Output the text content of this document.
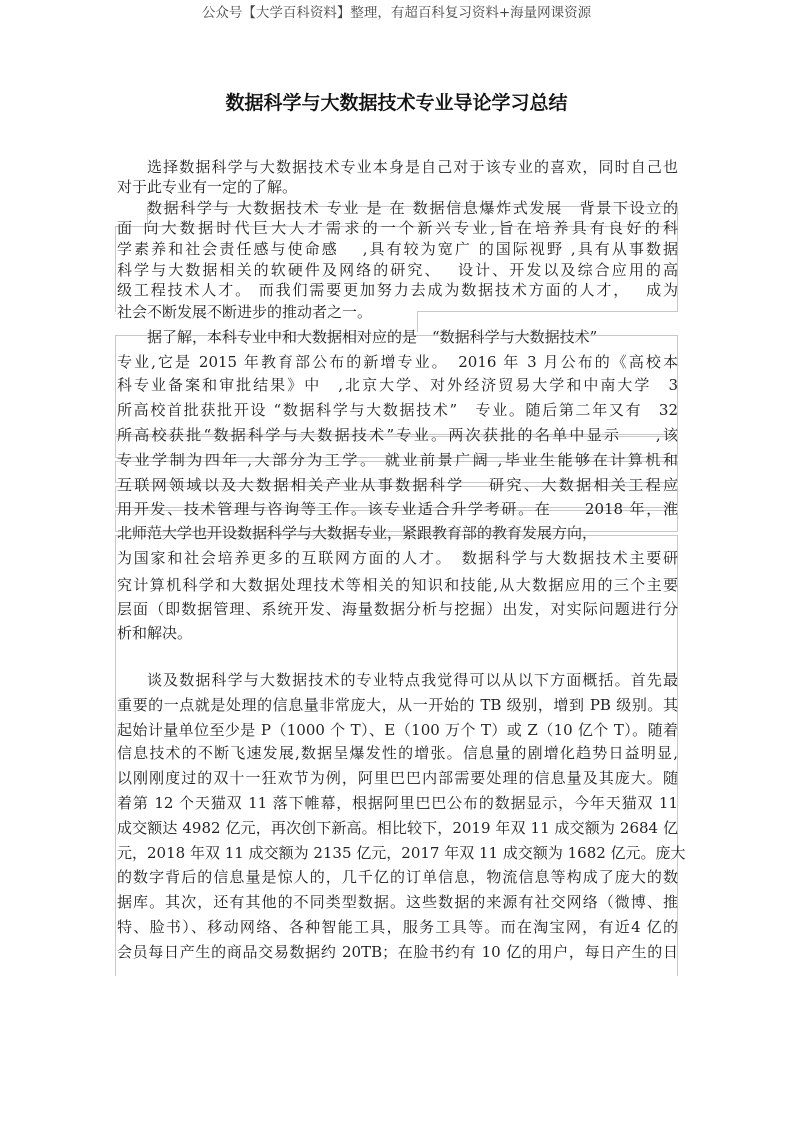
公众号【大学百科资料】整理，有超百科复习资料+海量网课资源
数据科学与大数据技术专业导论学习总结
选择数据科学与大数据技术专业本身是自己对于该专业的喜欢，同时自己也
对于此专业有一定的了解。
数据科学与 大数据技术 专业 是 在 数据信息爆炸式发展　背景下设立的
面 向大数据时代巨大人才需求的一个新兴专业,旨在培养具有良好的科
学素养和社会责任感与使命感　 ,具有较为宽广 的国际视野 ,具有从事数据
科学与大数据相关的软硬件及网络的研究、　 设计、开发以及综合应用的高
级工程技术人才。 而我们需要更加努力去成为数据技术方面的人才，　 成为
社会不断发展不断进步的推动者之一。
据了解，本科专业中和大数据相对应的是　“数据科学与大数据技术”
专业,它是 2015 年教育部公布的新增专业。　2016 年 3 月公布的《高校本
科专业备案和审批结果》中　,北京大学、对外经济贸易大学和中南大学　3
所高校首批获批开设 “数据科学与大数据技术”　专业。随后第二年又有　32
所高校获批“数据科学与大数据技术”专业。两次获批的名单中显示　　,该
专业学制为四年 ,大部分为工学。 就业前景广阔 ,毕业生能够在计算机和
互联网领域以及大数据相关产业从事数据科学　 研究、大数据相关工程应
用开发、技术管理与咨询等工作。该专业适合升学考研。在　　2018 年，淮
北师范大学也开设数据科学与大数据专业，紧跟教育部的教育发展方向，
为国家和社会培养更多的互联网方面的人才。　数据科学与大数据技术主要研
究计算机科学和大数据处理技术等相关的知识和技能,从大数据应用的三个主要
层面（即数据管理、系统开发、海量数据分析与挖掘）出发，对实际问题进行分
析和解决。
谈及数据科学与大数据技术的专业特点我觉得可以从以下方面概括。首先最
重要的一点就是处理的信息量非常庞大，从一开始的 TB 级别，增到 PB 级别。其
起始计量单位至少是 P（1000 个 T）、E（100 万个 T）或 Z（10 亿个 T）。随着
信息技术的不断飞速发展,数据呈爆发性的增张。信息量的剧增化趋势日益明显,
以刚刚度过的双十一狂欢节为例，阿里巴巴内部需要处理的信息量及其庞大。随
着第 12 个天猫双 11 落下帷幕，根据阿里巴巴公布的数据显示，今年天猫双 11
成交额达 4982 亿元，再次创下新高。相比较下，2019 年双 11 成交额为 2684 亿
元，2018 年双 11 成交额为 2135 亿元，2017 年双 11 成交额为 1682 亿元。庞大
的数字背后的信息量是惊人的，几千亿的订单信息，物流信息等构成了庞大的数
据库。其次，还有其他的不同类型数据。这些数据的来源有社交网络（微博、推
特、脸书）、移动网络、各种智能工具，服务工具等。而在淘宝网，有近4 亿的
会员每日产生的商品交易数据约 20TB；在脸书约有 10 亿的用户，每日产生的日
